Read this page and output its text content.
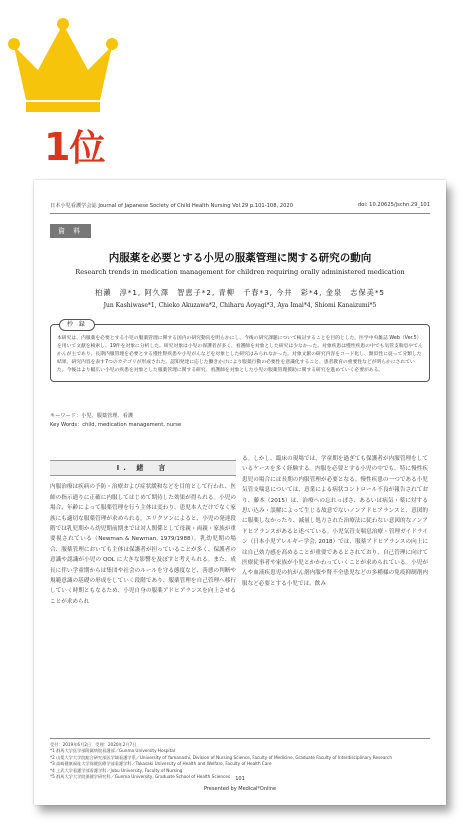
1位
日本小児看護学会誌 Journal of Japanese Society of Child Health Nursing Vol.29 p.101-108, 2020	doi: 10.20625/jschn.29_101
資 料
内服薬を必要とする小児の服薬管理に関する研究の動向
Research trends in medication management for children requiring orally administered medication
柏瀨　淳*1, 阿久澤　智恵子*2, 青柳　千春*3, 今井　彩*4, 金泉　志保美*5
Jun Kashiwase*1, Chieko Akuzawa*2, Chiharu Aoyagi*3, Aya Imai*4, Shiomi Kanaizumi*5
抄 録
本研究は、内服薬を必要とする小児の服薬管理に関する国内の研究動向を明らかにし、今後の研究課題について検討することを目的とした。医学中央雑誌 Web（Ver.5）を用いて文献を検索し、19件を対象に分析した。研究対象は小児の保護者が多く、看護師を対象とした研究は少なかった。対象疾患は慢性疾患の中でも気管支喘息やてんかんが主であり、長期内服管理を必要とする慢性腎疾患や小児がんなどを対象とした研究はみられなかった。対象文献の研究内容をコード化し、類似性に従って分類した結果、研究内容を表す7つのカテゴリが形成された。認知発達に応じた働きかけにより服薬行動の必要性を意識化すること、患者教育の重要性などが明らかにされていた。今後はより幅広い小児の疾患を対象とした服薬管理に関する研究、看護師を対象とした小児の服薬管理援助に関する研究を進めていく必要がある。
キーワード：小児、服薬管理、看護
Key Words：child, medication management, nurse
Ⅰ. 緒　言
内服治療は疾病の予防・治療および症状緩和などを目的として行われ、医師の指示通りに正確に内服してはじめて期待した効果が得られる。小児の場合、年齢によって服薬管理を行う主体は変わり、患児本人だけでなく家族にも適切な服薬管理が求められる。エリクソンによると、小児の発達段階では乳児期から幼児期前期までは対人関係として母親・両親・家族が重要視されている（Newman & Newman, 1979/1988）。乳幼児期の場合、服薬管理においても主体は保護者が担っていることが多く、保護者の意識や認識が小児の QOL に大きな影響を及ぼすと考えられる。また、成長に伴い学童期からは集団や社会のルールを守る態度など、善悪の判断や規範意識の基礎の形成をしていく段階であり、服薬管理を自己管理へ移行していく時期ともなるため、小児自身の服薬アドヒアランスを向上させることが求められ
る。しかし、臨床の現場では、学童期を過ぎても保護者が内服管理をしているケースを多く経験する。内服を必要とする小児の中でも、特に慢性疾患児の場合には長期の内服管理が必要となる。慢性疾患の一つである小児気管支喘息については、意業による病状コントロール不良が報告されており、藤本（2015）は、治療への忘れっぽさ、あるいは病気・薬に対する思い込み・誤解によって生じる故意でないノンアドヒアランスと、意図的に服薬しなかったり、減量し処方された治療法に従わない意図的なノンアドヒアランスがあると述べている。小児気管支喘息治療・管理ガイドライン（日本小児アレルギー学会, 2018）では、服薬アドヒアランスの向上には自己効力感を高めることが重要であるとされており、自己管理に向けて医療従事者や家族が小児とかかわっていくことが求められている。小児がんや血液疾患児の抗がん剤内服や腎不全患児などの多種様の免疫抑制剤内服など必要とする小児では、飲み
受付：2019年6月2日　受理：2020年2月7日
*1 群馬大学医学部附属病院看護部／Gunma University Hospital
*2 山梨大学大学院総合研究部医学域看護学系／University of Yamanashi, Division of Nursing Science, Faculty of Medicine, Graduate Faculty of Interdisciplinary Research
*3 高崎健康福祉大学保健医療学部看護学科／Takasaki University of Health and Welfare, Faculty of Health Care
*4 上武大学看護学部看護学科／Jobu University, Faculty of Nursing
*5 群馬大学大学院保健学研究科／Gunma University, Graduate School of Health Sciences	101
Presented by Medical*Online
